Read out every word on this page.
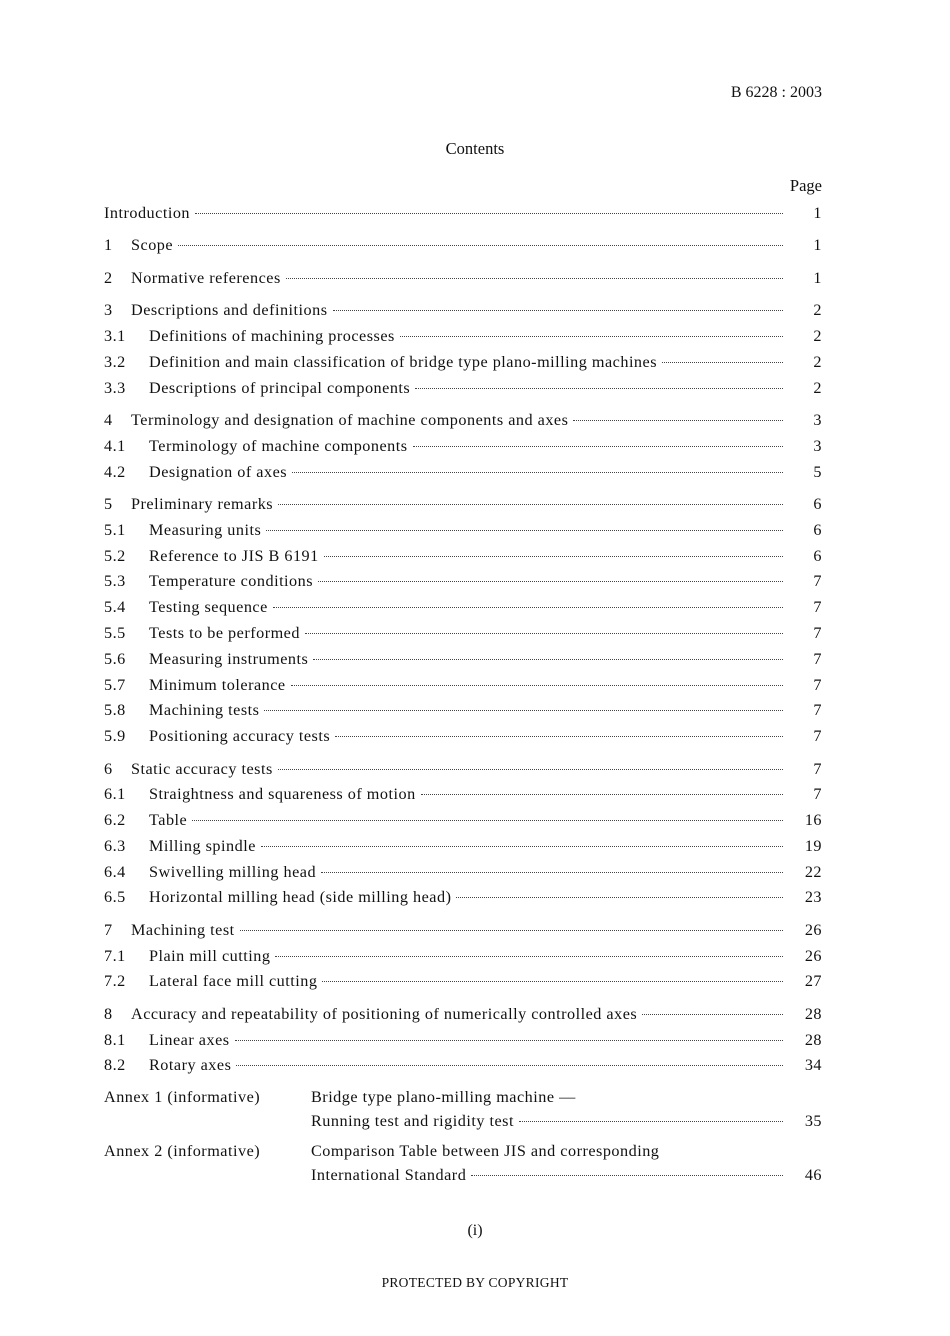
B 6228 : 2003
Contents
Page
Introduction	1
1	Scope	1
2	Normative references	1
3	Descriptions and definitions	2
3.1	Definitions of machining processes	2
3.2	Definition and main classification of bridge type plano-milling machines	2
3.3	Descriptions of principal components	2
4	Terminology and designation of machine components and axes	3
4.1	Terminology of machine components	3
4.2	Designation of axes	5
5	Preliminary remarks	6
5.1	Measuring units	6
5.2	Reference to JIS B 6191	6
5.3	Temperature conditions	7
5.4	Testing sequence	7
5.5	Tests to be performed	7
5.6	Measuring instruments	7
5.7	Minimum tolerance	7
5.8	Machining tests	7
5.9	Positioning accuracy tests	7
6	Static accuracy tests	7
6.1	Straightness and squareness of motion	7
6.2	Table	16
6.3	Milling spindle	19
6.4	Swivelling milling head	22
6.5	Horizontal milling head (side milling head)	23
7	Machining test	26
7.1	Plain mill cutting	26
7.2	Lateral face mill cutting	27
8	Accuracy and repeatability of positioning of numerically controlled axes	28
8.1	Linear axes	28
8.2	Rotary axes	34
Annex 1 (informative)	Bridge type plano-milling machine —
Running test and rigidity test	35
Annex 2 (informative)	Comparison Table between JIS and corresponding
International Standard	46
(i)
PROTECTED BY COPYRIGHT
